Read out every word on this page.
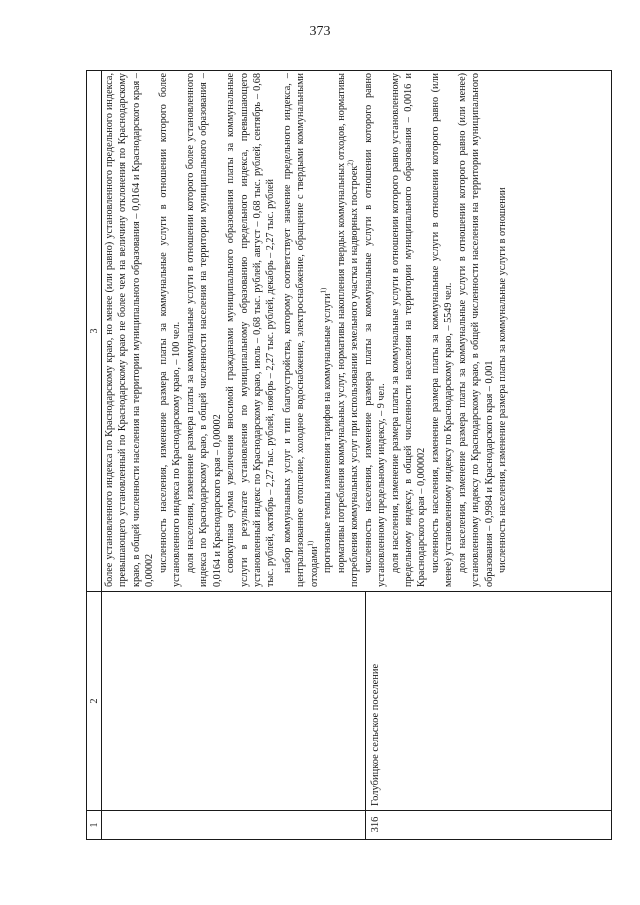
373
1
2
3
316
Голубицкое сельское поселение

более установленного индекса по Краснодарскому краю, но менее (или равно) установленного предельного индекса, превышающего установленный по Краснодарскому краю не более чем на величину отклонения по Краснодарскому краю, в общей численности населения на территории муниципального образования – 0,0164 и Краснодарского края – 0,00002 численность населения, изменение размера платы за коммунальные услуги в отношении которого более установленного индекса по Краснодарскому краю, – 100 чел. доля населения, изменение размера платы за коммунальные услуги в отношении которого более установленного индекса по Краснодарскому краю, в общей численности населения на территории муниципального образования – 0,0164 и Краснодарского края – 0,00002 совокупная сумма увеличения вносимой гражданами муниципального образования платы за коммунальные услуги в результате установления по муниципальному образованию предельного индекса, превышающего установленный индекс по Краснодарскому краю, июль – 0,68 тыс. рублей, август – 0,68 тыс. рублей, сентябрь – 0,68 тыс. рублей, октябрь – 2,27 тыс. рублей, ноябрь – 2,27 тыс. рублей, декабрь – 2,27 тыс. рублей набор коммунальных услуг и тип благоустройства, которому соответствует значение предельного индекса, – централизованное отопление, холодное водоснабжение, электроснабжение, обращение с твердыми коммунальными отходами$^{1)}$ прогнозные темпы изменения тарифов на коммунальные услуги$^{1)}$ нормативы потребления коммунальных услуг, нормативы накопления твердых коммунальных отходов, нормативы потребления коммунальных услуг при использовании земельного участка и надворных построек$^{2)}$ численность населения, изменение размера платы за коммунальные услуги в отношении которого равно установленному предельному индексу, – 9 чел. доля населения, изменение размера платы за коммунальные услуги в отношении которого равно установленному предельному индексу, в общей численности населения на территории муниципального образования – 0,0016 и Краснодарского края – 0,000002 численность населения, изменение размера платы за коммунальные услуги в отношении которого равно (или менее) установленному индексу по Краснодарскому краю, – 5549 чел. доля населения, изменение размера платы за коммунальные услуги в отношении которого равно (или менее) установленному индексу по Краснодарскому краю, в общей численности населения на территории муниципального образования – 0,9984 и Краснодарского края – 0,001 численность населения, изменение размера платы за коммунальные услуги в отношении
